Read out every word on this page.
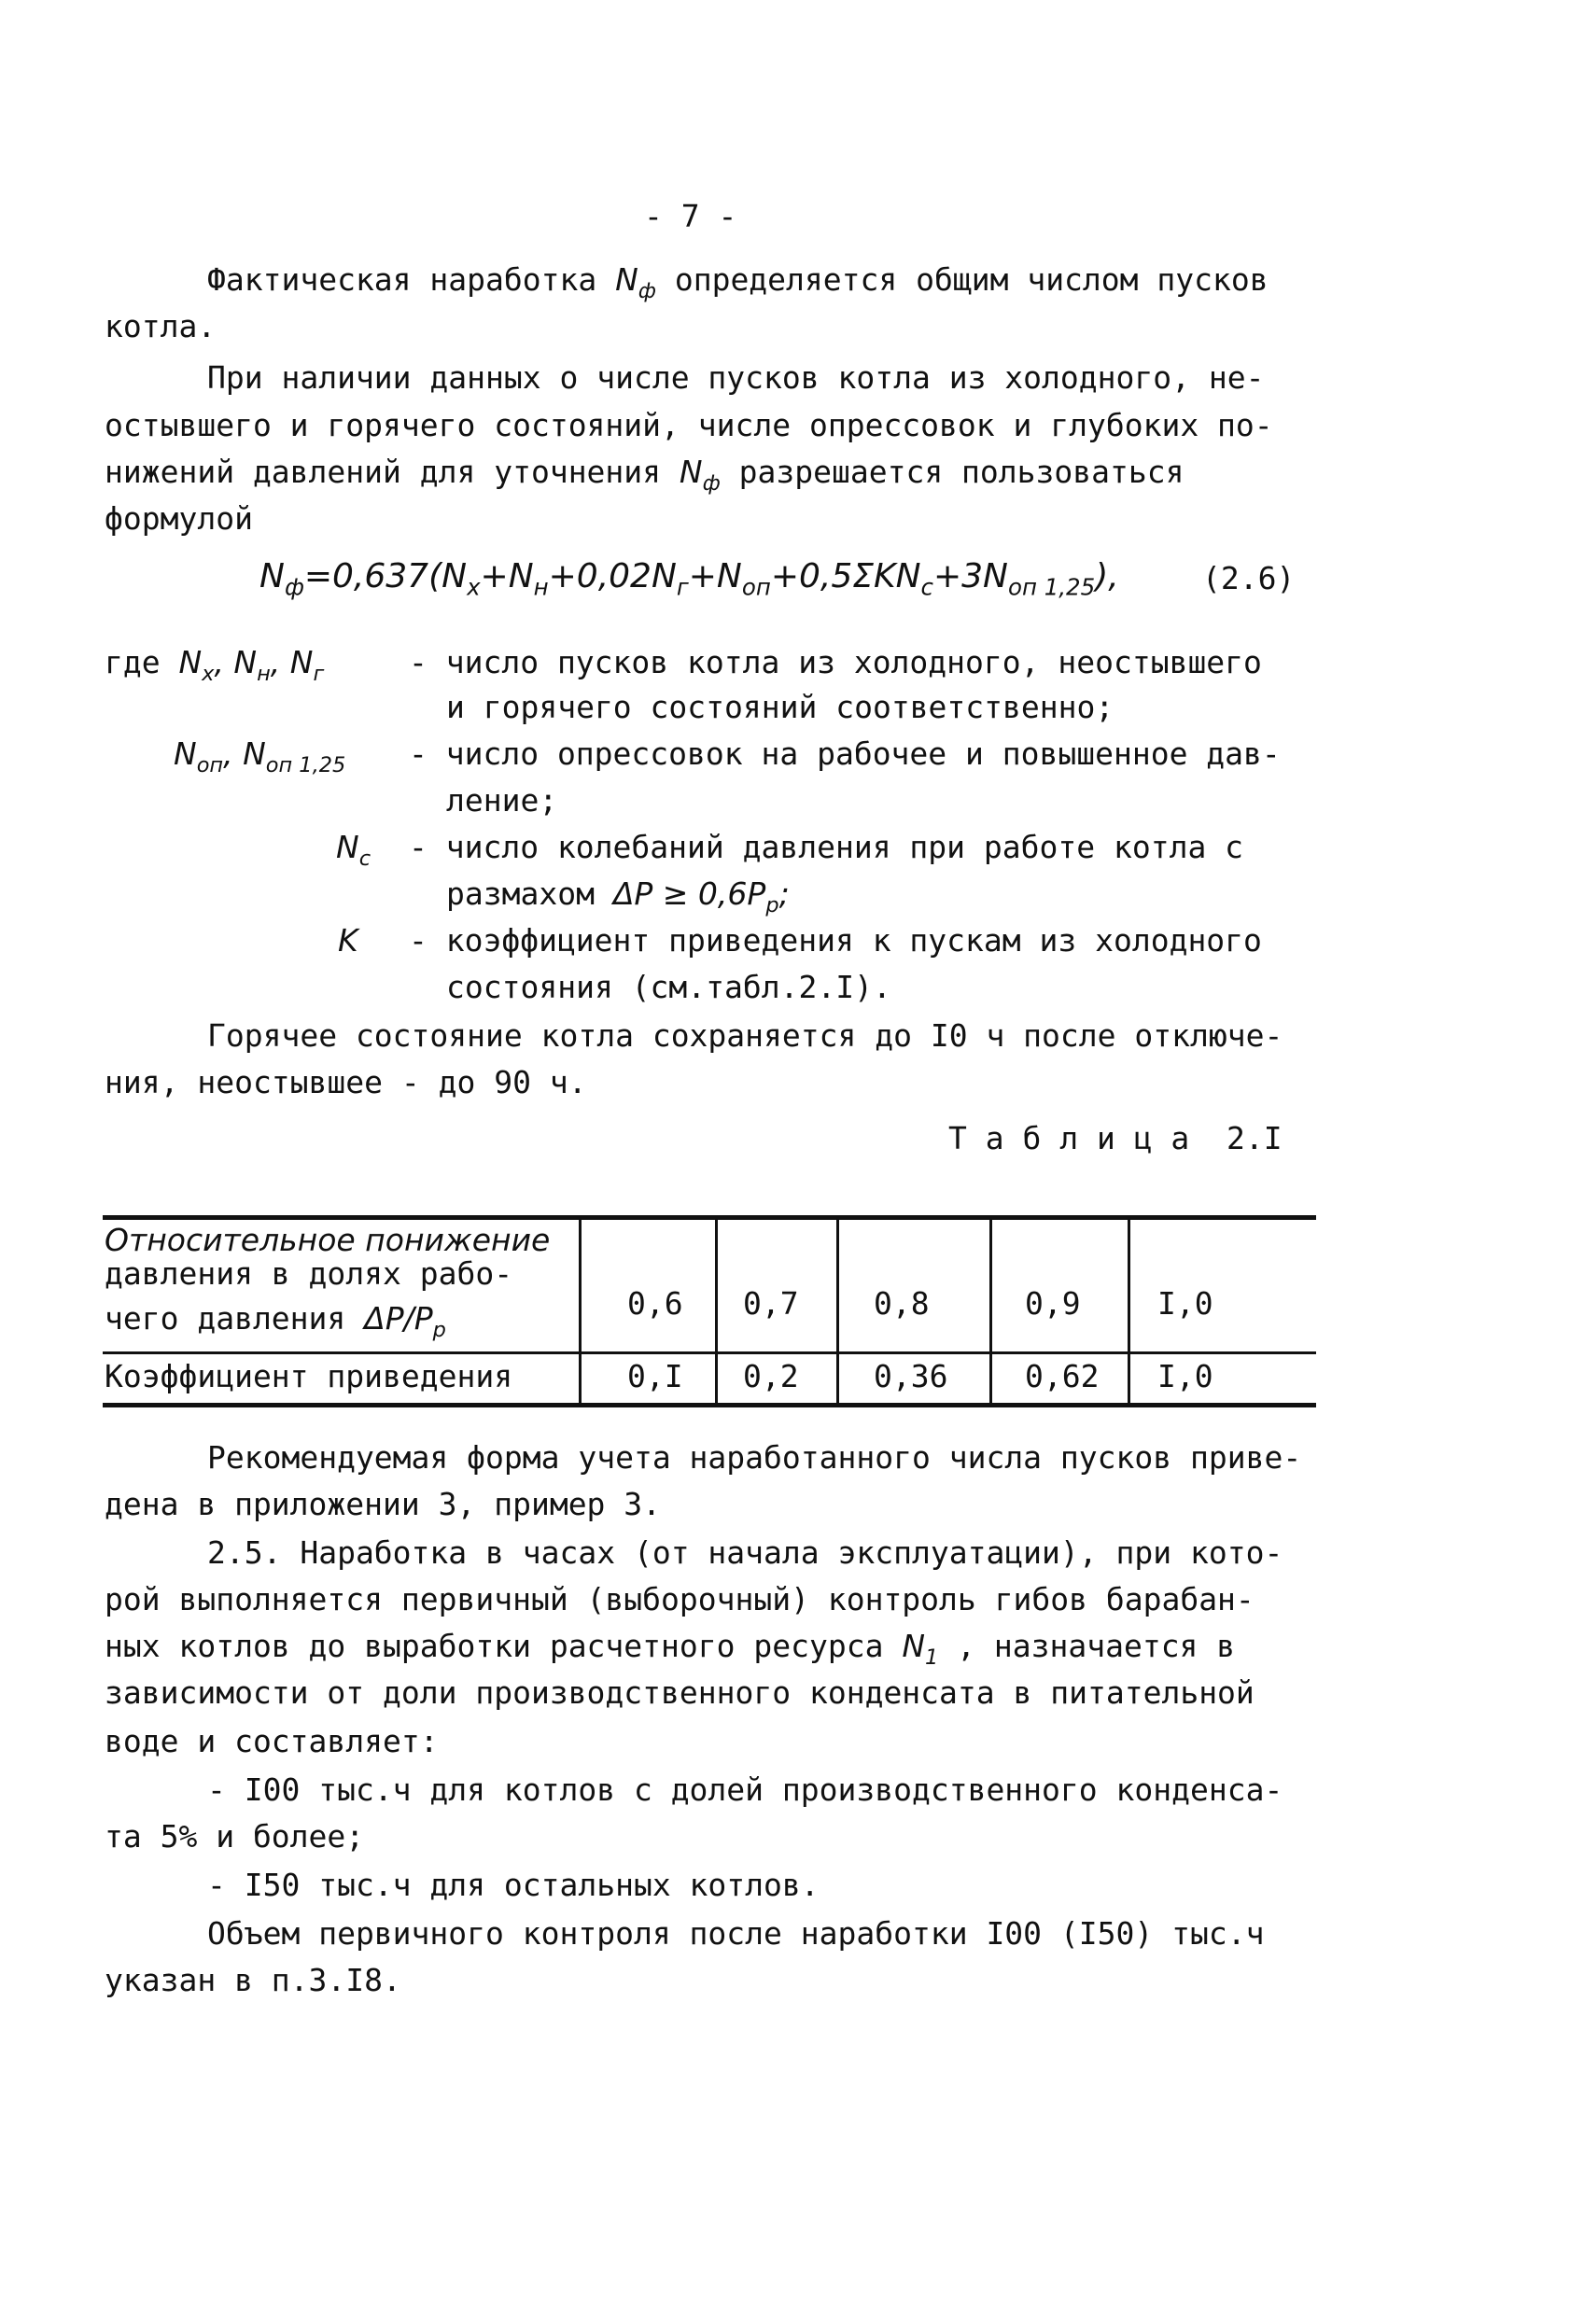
- 7 -
Фактическая наработка $N_ф$ определяется общим числом пусков
котла.
При наличии данных о числе пусков котла из холодного, не-
остывшего и горячего состояний, числе опрессовок и глубоких по-
нижений давлений для уточнения $N_ф$ разрешается пользоваться
формулой
$N_ф=0,637(N_х+N_н+0,02N_г+N_{оп}+0,5\Sigma KN_с+3N_{оп 1,25})$,	(2.6)
где $N_х$, $N_н$, $N_г$	- число пусков котла из холодного, неостывшего
и горячего состояний соответственно;
$N_{оп}$, $N_{оп 1,25}$ - число опрессовок на рабочее и повышенное дав-
ление;
$N_с$ - число колебаний давления при работе котла с
размахом $\Delta P \ge 0,6P_р$;
K - коэффициент приведения к пускам из холодного
состояния (см.табл.2.I).
Горячее состояние котла сохраняется до I0 ч после отключе-
ния, неостывшее - до 90 ч.
Т а б л и ц а  2.I
Относительное понижение
давления в долях рабо-
чего давления $\Delta P/P_р$
0,6 0,7 0,8	0,9 I,0
Коэффициент приведения	0,I 0,2 0,36	0,62 I,0
Рекомендуемая форма учета наработанного числа пусков приве-
дена в приложении 3, пример 3.
2.5. Наработка в часах (от начала эксплуатации), при кото-
рой выполняется первичный (выборочный) контроль гибов барабан-
ных котлов до выработки расчетного ресурса $N_1$ , назначается в
зависимости от доли производственного конденсата в питательной
воде и составляет:
- I00 тыс.ч для котлов с долей производственного конденса-
та 5% и более;
- I50 тыс.ч для остальных котлов.
Объем первичного контроля после наработки I00 (I50) тыс.ч
указан в п.3.I8.
